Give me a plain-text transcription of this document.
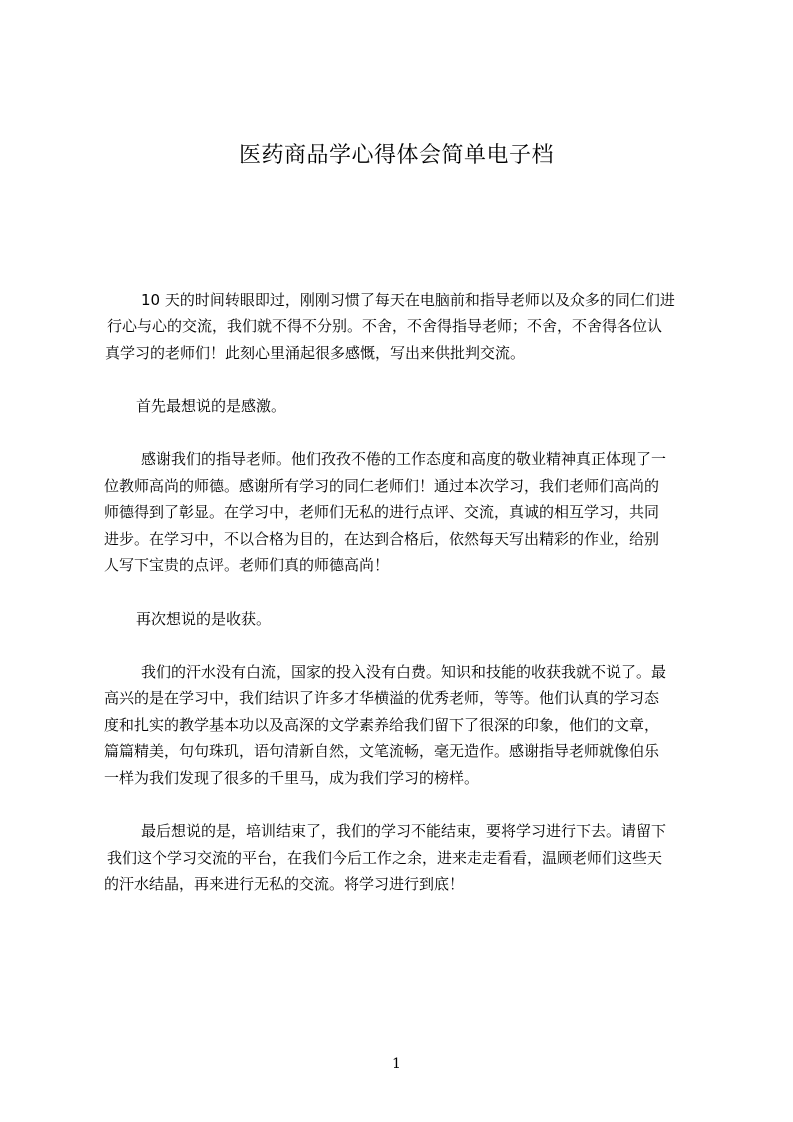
医药商品学心得体会简单电子档

10 天的时间转眼即过，刚刚习惯了每天在电脑前和指导老师以及众多的同仁们进

行心与心的交流，我们就不得不分别。不舍，不舍得指导老师；不舍，不舍得各位认

真学习的老师们！此刻心里涌起很多感慨，写出来供批判交流。

首先最想说的是感激。

感谢我们的指导老师。他们孜孜不倦的工作态度和高度的敬业精神真正体现了一

位教师高尚的师德。感谢所有学习的同仁老师们！通过本次学习，我们老师们高尚的

师德得到了彰显。在学习中，老师们无私的进行点评、交流，真诚的相互学习，共同

进步。在学习中，不以合格为目的，在达到合格后，依然每天写出精彩的作业，给别

人写下宝贵的点评。老师们真的师德高尚！

再次想说的是收获。

我们的汗水没有白流，国家的投入没有白费。知识和技能的收获我就不说了。最

高兴的是在学习中，我们结识了许多才华横溢的优秀老师，等等。他们认真的学习态

度和扎实的教学基本功以及高深的文学素养给我们留下了很深的印象，他们的文章，

篇篇精美，句句珠玑，语句清新自然，文笔流畅，毫无造作。感谢指导老师就像伯乐

一样为我们发现了很多的千里马，成为我们学习的榜样。

最后想说的是，培训结束了，我们的学习不能结束，要将学习进行下去。请留下

我们这个学习交流的平台，在我们今后工作之余，进来走走看看，温顾老师们这些天

的汗水结晶，再来进行无私的交流。将学习进行到底！

1
